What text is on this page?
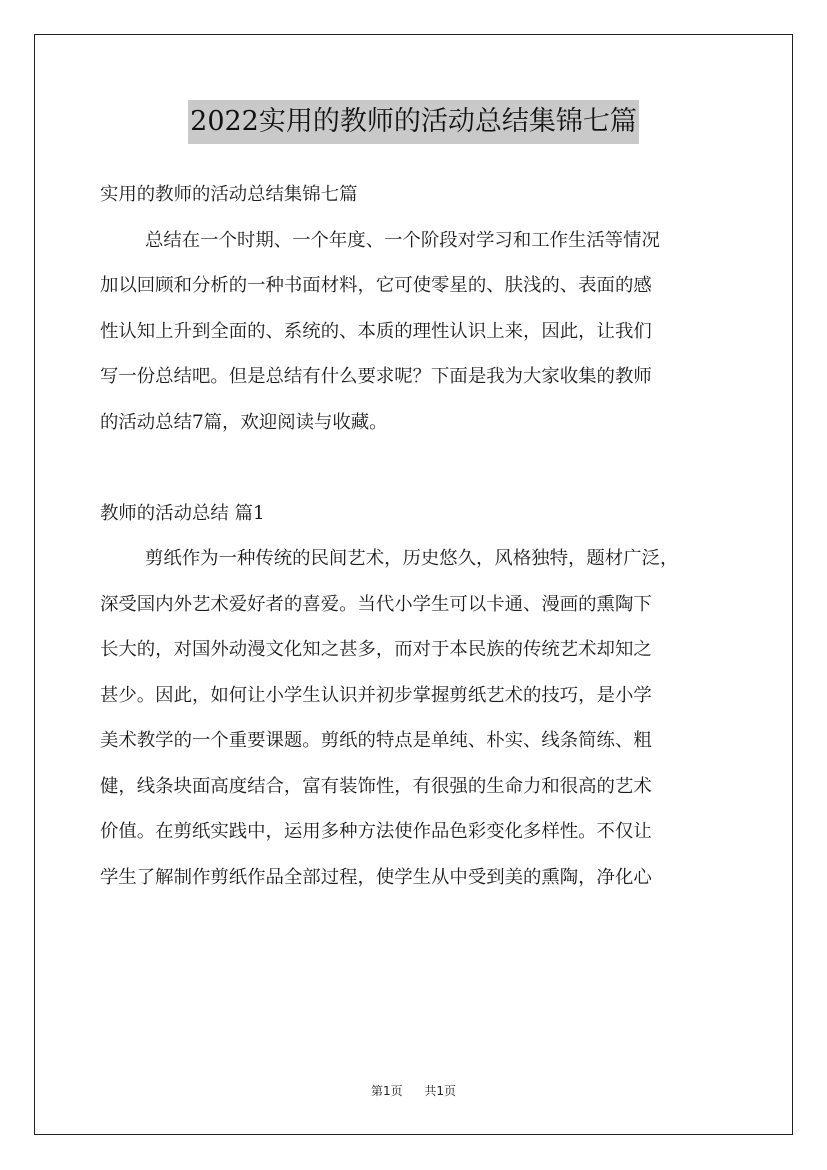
2022实用的教师的活动总结集锦七篇
实用的教师的活动总结集锦七篇
总结在一个时期、一个年度、一个阶段对学习和工作生活等情况
加以回顾和分析的一种书面材料，它可使零星的、肤浅的、表面的感
性认知上升到全面的、系统的、本质的理性认识上来，因此，让我们
写一份总结吧。但是总结有什么要求呢？下面是我为大家收集的教师
的活动总结7篇，欢迎阅读与收藏。
教师的活动总结 篇1
剪纸作为一种传统的民间艺术，历史悠久，风格独特，题材广泛，
深受国内外艺术爱好者的喜爱。当代小学生可以卡通、漫画的熏陶下
长大的，对国外动漫文化知之甚多，而对于本民族的传统艺术却知之
甚少。因此，如何让小学生认识并初步掌握剪纸艺术的技巧，是小学
美术教学的一个重要课题。剪纸的特点是单纯、朴实、线条简练、粗
健，线条块面高度结合，富有装饰性，有很强的生命力和很高的艺术
价值。在剪纸实践中，运用多种方法使作品色彩变化多样性。不仅让
学生了解制作剪纸作品全部过程，使学生从中受到美的熏陶，净化心
第1页 共1页
